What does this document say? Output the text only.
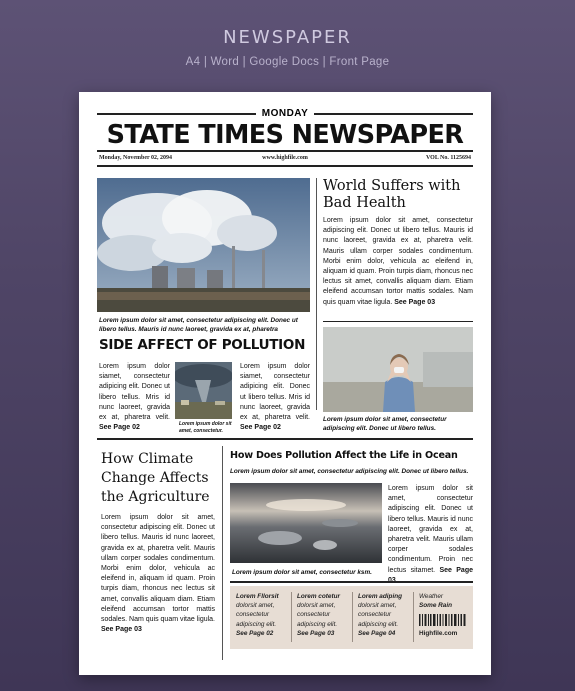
NEWSPAPER
A4 | Word | Google Docs | Front Page
MONDAY
STATE TIMES NEWSPAPER
Monday, November 02, 2094	www.highfile.com	VOL No. 1125694
Lorem ipsum dolor sit amet, consectetur adipiscing elit. Donec ut libero tellus. Mauris id nunc laoreet, gravida ex at, pharetra
World Suffers with Bad Health
Lorem ipsum dolor sit amet, consectetur adipiscing elit. Donec ut libero tellus. Mauris id nunc laoreet, gravida ex at, pharetra velit. Mauris ullam corper sodales condimentum. Morbi enim dolor, vehicula ac eleifend in, aliquam id quam. Proin turpis diam, rhoncus nec lectus sit amet, convallis aliquam diam. Etiam eleifend accumsan tortor mattis sodales. Nam quis quam vitae ligula. See Page 03
Lorem ipsum dolor sit amet, consectetur adipiscing elit. Donec ut libero tellus.
SIDE AFFECT OF POLLUTION
Lorem ipsum dolor siamet, consectetur adipicing elit. Donec ut libero tellus. Mris id nunc laoreet, gravida ex at, pharetra velit. See Page 02
Lorem ipsum dolor sit amet, consectetur.
Lorem ipsum dolor siamet, consectetur adipicing elit. Donec ut libero tellus. Mris id nunc laoreet, gravida ex at, pharetra velit. See Page 02
How Climate Change Affects the Agriculture
Lorem ipsum dolor sit amet, consectetur adipiscing elit. Donec ut libero tellus. Mauris id nunc laoreet, gravida ex at, pharetra velit. Mauris ullam corper sodales condimentum. Morbi enim dolor, vehicula ac eleifend in, aliquam id quam. Proin turpis diam, rhoncus nec lectus sit amet, convallis aliquam diam. Etiam eleifend accumsan tortor mattis sodales. Nam quis quam vitae ligula. See Page 03
How Does Pollution Affect the Life in Ocean
Lorem ipsum dolor sit amet, consectetur adipiscing elit. Donec ut libero tellus.
Lorem ipsum dolor sit amet, consectetur ksm.
Lorem ipsum dolor sit amet, consectetur adipiscing elit. Donec ut libero tellus. Mauris id nunc laoreet, gravida ex at, pharetra velit. Mauris ullam corper sodales condimentum. Proin nec lectus sitamet. See Page
Lorem Fllorsit
dolorsit amet, consectetur adipiscing elit.
See Page 02
Lorem cotetur
dolorsit amet, consectetur adipiscing elit.
See Page 03
Lorem adiping
dolorsit amet, consectetur adipiscing elit.
See Page 04
Weather
Some Rain
Highfile.com
